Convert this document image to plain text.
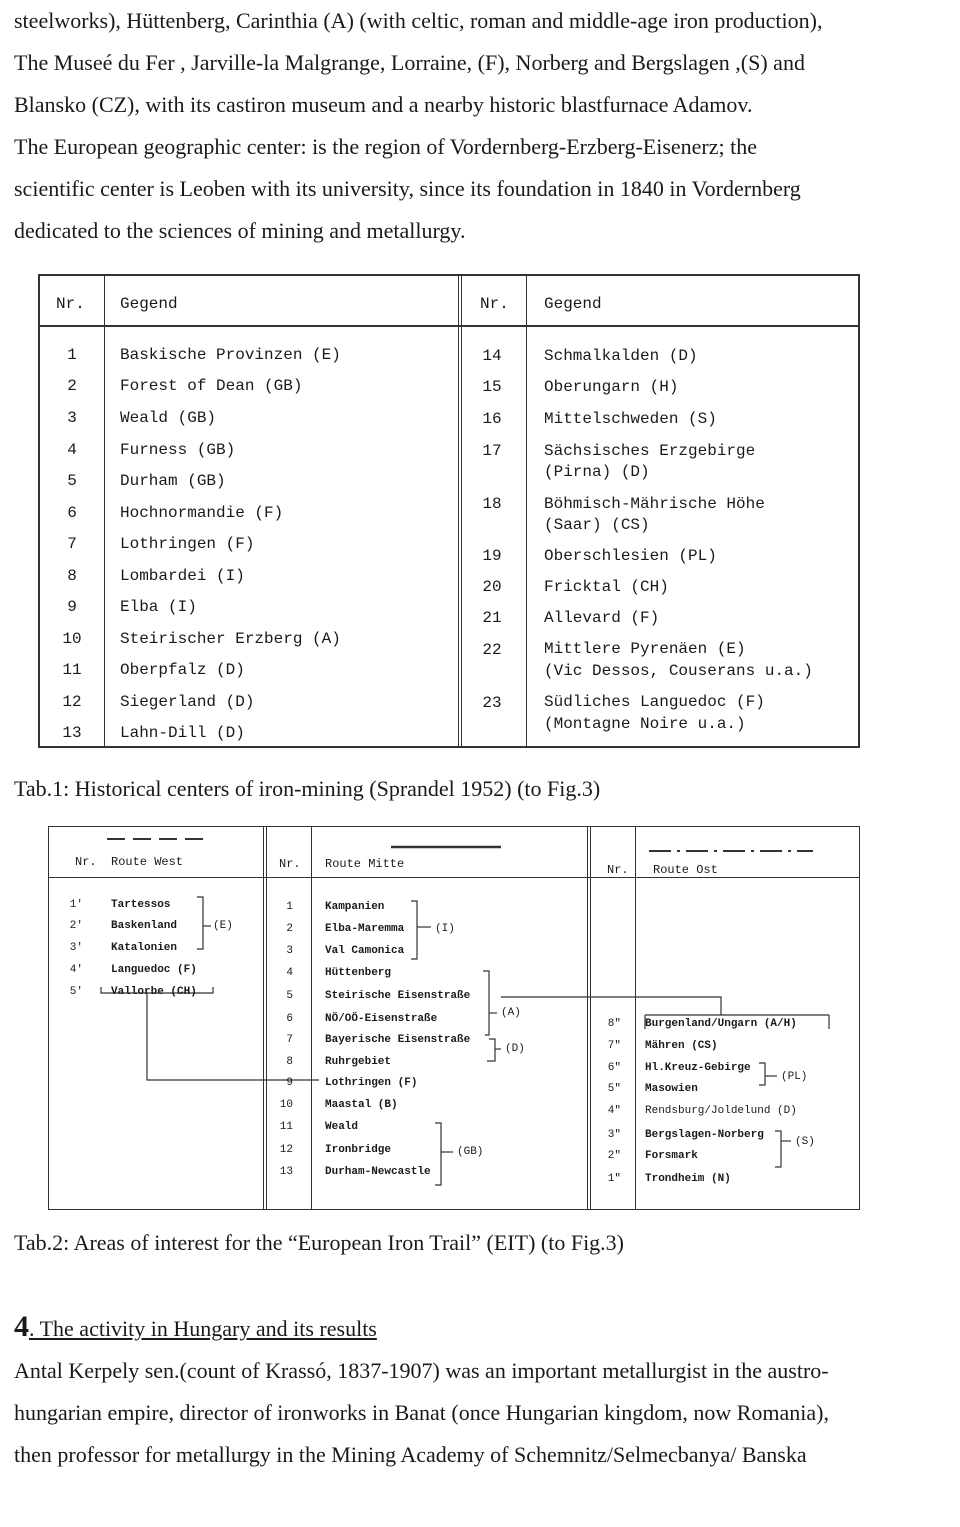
steelworks), Hüttenberg, Carinthia (A) (with celtic, roman and middle-age iron production),

The Museé du Fer , Jarville-la Malgrange, Lorraine, (F), Norberg and Bergslagen ,(S) and

Blansko (CZ), with its castiron museum and a nearby historic blastfurnace Adamov.

The European geographic center: is the region of Vordernberg-Erzberg-Eisenerz; the

scientific center is Leoben with its university, since its foundation in 1840 in Vordernberg

dedicated to the sciences of mining and metallurgy.

Nr. Gegend	Nr. Gegend
1	Baskische Provinzen (E)
2	Forest of Dean (GB)
3	Weald (GB)
4	Furness (GB)
5	Durham (GB)
6	Hochnormandie (F)
7	Lothringen (F)
8	Lombardei (I)
9	Elba (I)
10	Steirischer Erzberg (A)
11	Oberpfalz (D)
12	Siegerland (D)
13	Lahn-Dill (D)
14	Schmalkalden (D)
15	Oberungarn (H)
16	Mittelschweden (S)
17	Sächsisches Erzgebirge
(Pirna) (D)
18	Böhmisch-Mährische Höhe
(Saar) (CS)
19	Oberschlesien (PL)
20	Fricktal (CH)
21	Allevard (F)
22	Mittlere Pyrenäen (E)
(Vic Dessos, Couserans u.a.)
23	Südliches Languedoc (F)
(Montagne Noire u.a.)
Tab.1: Historical centers of iron-mining (Sprandel 1952) (to Fig.3)
Nr. Route West	Nr. Route Mitte	Nr. Route Ost
1'	Tartessos
2'	Baskenland
3'	Katalonien
4'	Languedoc (F)
5'	Vallorbe (CH)
(E)
1	Kampanien
2	Elba-Maremma
3	Val Camonica
4	Hüttenberg
5	Steirische Eisenstraße
6	NÖ/OÖ-Eisenstraße
7	Bayerische Eisenstraße
8	Ruhrgebiet
9	Lothringen (F)
10	Maastal (B)
11	Weald
12	Ironbridge
13	Durham-Newcastle
(I)
(A)
(D)
(GB)
8" Burgenland/Ungarn (A/H)
7" Mähren (CS)
6" Hl.Kreuz-Gebirge
5" Masowien
4" Rendsburg/Joldelund (D)
3" Bergslagen-Norberg
2" Forsmark
1" Trondheim (N)
(PL)
(S)
Tab.2: Areas of interest for the “European Iron Trail” (EIT) (to Fig.3)
4. The activity in Hungary and its results

Antal Kerpely sen.(count of Krassó, 1837-1907) was an important metallurgist in the austro-

hungarian empire, director of ironworks in Banat (once Hungarian kingdom, now Romania),

then professor for metallurgy in the Mining Academy of Schemnitz/Selmecbanya/ Banska
